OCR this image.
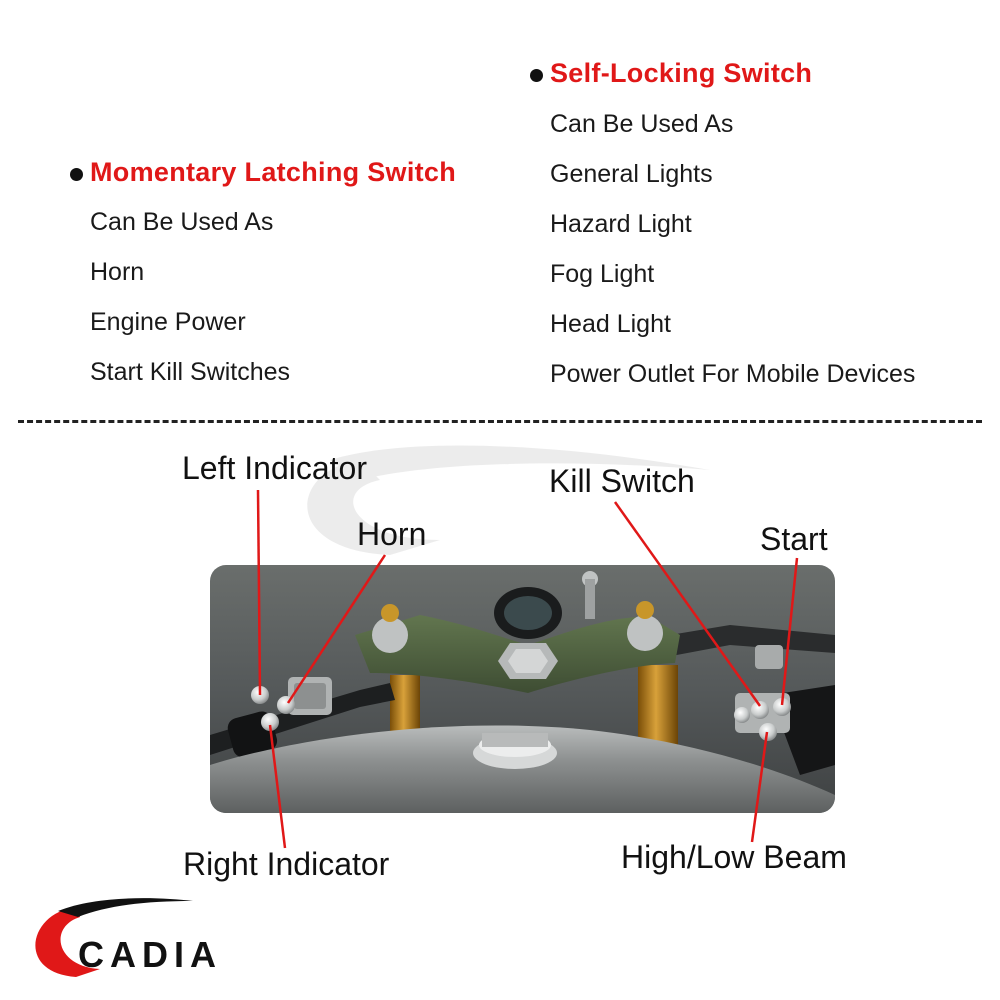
Momentary Latching Switch
Can Be Used As
Horn
Engine Power
Start Kill Switches
Self-Locking Switch
Can Be Used As
General Lights
Hazard Light
Fog Light
Head Light
Power Outlet For Mobile Devices
Left Indicator
Horn
Kill Switch
Start
Right Indicator	High/Low Beam
CADIA
